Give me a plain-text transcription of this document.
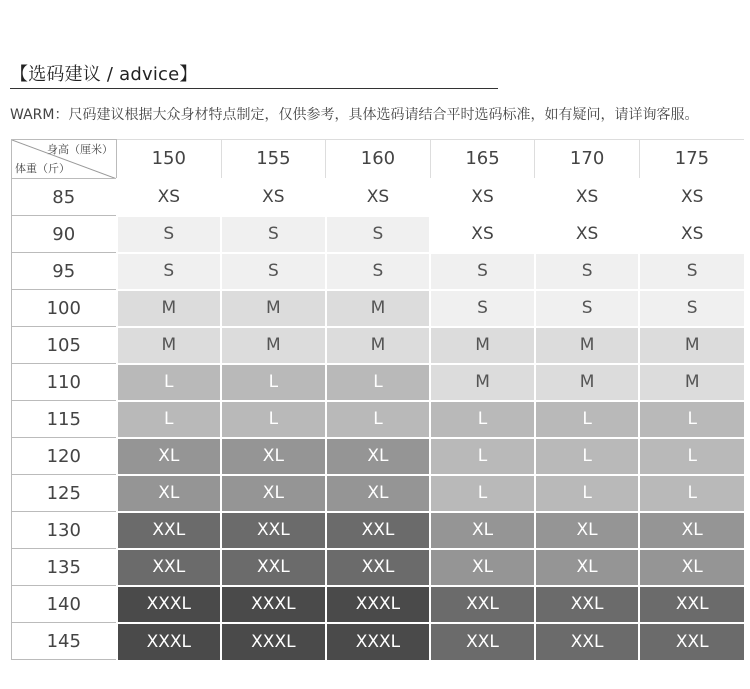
【选码建议 / advice】
WARM：尺码建议根据大众身材特点制定，仅供参考，具体选码请结合平时选码标准，如有疑问，请详询客服。
身高（厘米）
体重（斤）	150	155	160	165	170	175
85	XS	XS	XS	XS	XS	XS
90	S	S	S	XS	XS	XS
95	S	S	S	S	S	S
100	M	M	M	S	S	S
105	M	M	M	M	M	M
110	L	L	L	M	M	M
115	L	L	L	L	L	L
120	XL	XL	XL	L	L	L
125	XL	XL	XL	L	L	L
130	XXL	XXL	XXL	XL	XL	XL
135	XXL	XXL	XXL	XL	XL	XL
140	XXXL	XXXL	XXXL	XXL	XXL	XXL
145	XXXL	XXXL	XXXL	XXL	XXL	XXL
